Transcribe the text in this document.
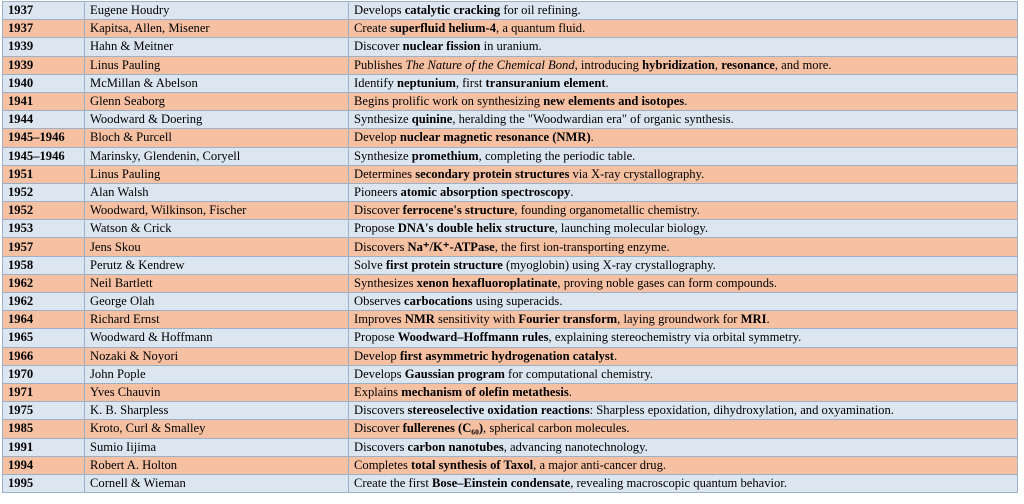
1937	Eugene Houdry	Develops catalytic cracking for oil refining.
1937	Kapitsa, Allen, Misener	Create superfluid helium-4, a quantum fluid.
1939	Hahn & Meitner	Discover nuclear fission in uranium.
1939	Linus Pauling	Publishes The Nature of the Chemical Bond, introducing hybridization, resonance, and more.
1940	McMillan & Abelson	Identify neptunium, first transuranium element.
1941	Glenn Seaborg	Begins prolific work on synthesizing new elements and isotopes.
1944	Woodward & Doering	Synthesize quinine, heralding the "Woodwardian era" of organic synthesis.
1945–1946	Bloch & Purcell	Develop nuclear magnetic resonance (NMR).
1945–1946	Marinsky, Glendenin, Coryell	Synthesize promethium, completing the periodic table.
1951	Linus Pauling	Determines secondary protein structures via X-ray crystallography.
1952	Alan Walsh	Pioneers atomic absorption spectroscopy.
1952	Woodward, Wilkinson, Fischer	Discover ferrocene's structure, founding organometallic chemistry.
1953	Watson & Crick	Propose DNA's double helix structure, launching molecular biology.
1957	Jens Skou	Discovers Na⁺/K⁺-ATPase, the first ion-transporting enzyme.
1958	Perutz & Kendrew	Solve first protein structure (myoglobin) using X-ray crystallography.
1962	Neil Bartlett	Synthesizes xenon hexafluoroplatinate, proving noble gases can form compounds.
1962	George Olah	Observes carbocations using superacids.
1964	Richard Ernst	Improves NMR sensitivity with Fourier transform, laying groundwork for MRI.
1965	Woodward & Hoffmann	Propose Woodward–Hoffmann rules, explaining stereochemistry via orbital symmetry.
1966	Nozaki & Noyori	Develop first asymmetric hydrogenation catalyst.
1970	John Pople	Develops Gaussian program for computational chemistry.
1971	Yves Chauvin	Explains mechanism of olefin metathesis.
1975	K. B. Sharpless	Discovers stereoselective oxidation reactions: Sharpless epoxidation, dihydroxylation, and oxyamination.
1985	Kroto, Curl & Smalley	Discover fullerenes (C₆₀), spherical carbon molecules.
1991	Sumio Iijima	Discovers carbon nanotubes, advancing nanotechnology.
1994	Robert A. Holton	Completes total synthesis of Taxol, a major anti-cancer drug.
1995	Cornell & Wieman	Create the first Bose–Einstein condensate, revealing macroscopic quantum behavior.
